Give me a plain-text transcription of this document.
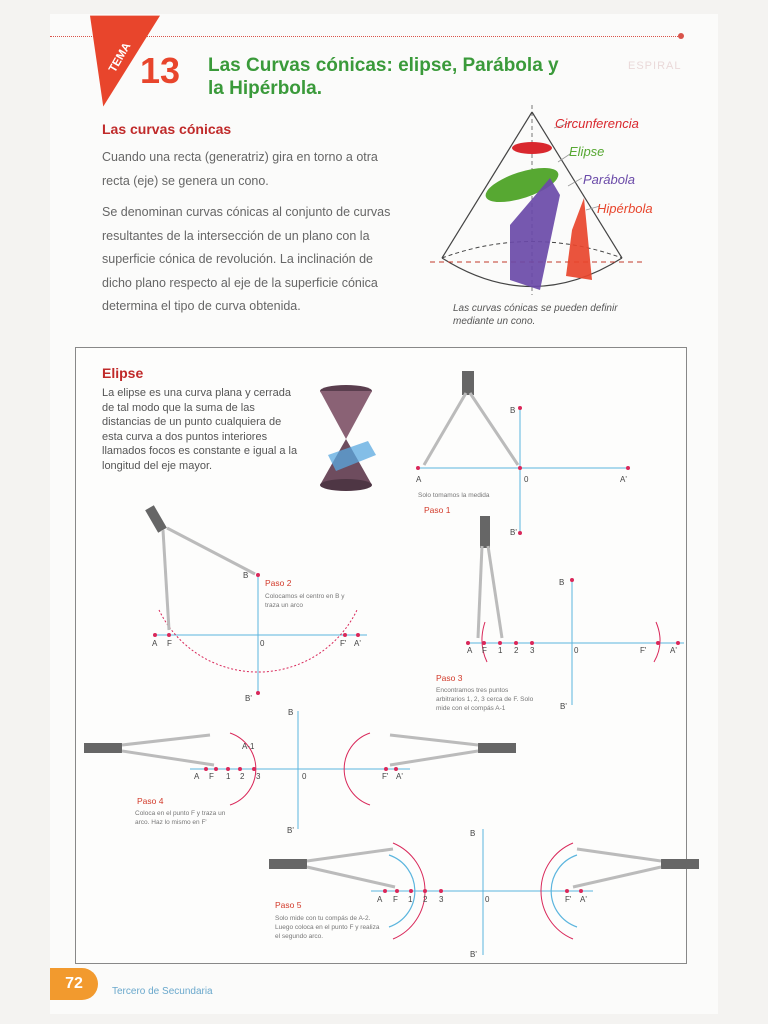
ESPIRAL
TEMA 13 Las Curvas cónicas: elipse, Parábola y
la Hipérbola.
Las curvas cónicas
Cuando una recta (generatriz) gira en torno a otra recta (eje) se genera un cono.
Se denominan curvas cónicas al conjunto de curvas resultantes de la intersección de un plano con la superficie cónica de revolución. La inclinación de dicho plano respecto al eje de la superficie cónica determina el tipo de curva obtenida.
Circunferencia
Elipse
Parábola
Hipérbola
Las curvas cónicas se pueden definir mediante un cono.
Elipse
La elipse es una curva plana y cerrada de tal modo que la suma de las distancias de un punto cualquiera de esta curva a dos puntos interiores llamados focos es constante e igual a la longitud del eje mayor.
B
A	0	A'
B'
Solo tomamos la medida
Paso 1
B
A F	0	F' A'
B'
Paso 2
Colocamos el centro en B y traza un arco
B
A F 1 2 3	0	F'	A'
B'
Paso 3
Encontramos tres puntos arbitrarios 1, 2, 3 cerca de F. Solo mide con el compás A-1
B
A-1
A F 1 2 3	0	F' A'
B'
Paso 4
Coloca en el punto F y traza un arco. Haz lo mismo en F'
B
A F 1 2 3	0	F' A'
B'
Paso 5
Solo mide con tu compás de A-2. Luego coloca en el punto F y realiza el segundo arco.
72	Tercero de Secundaria
